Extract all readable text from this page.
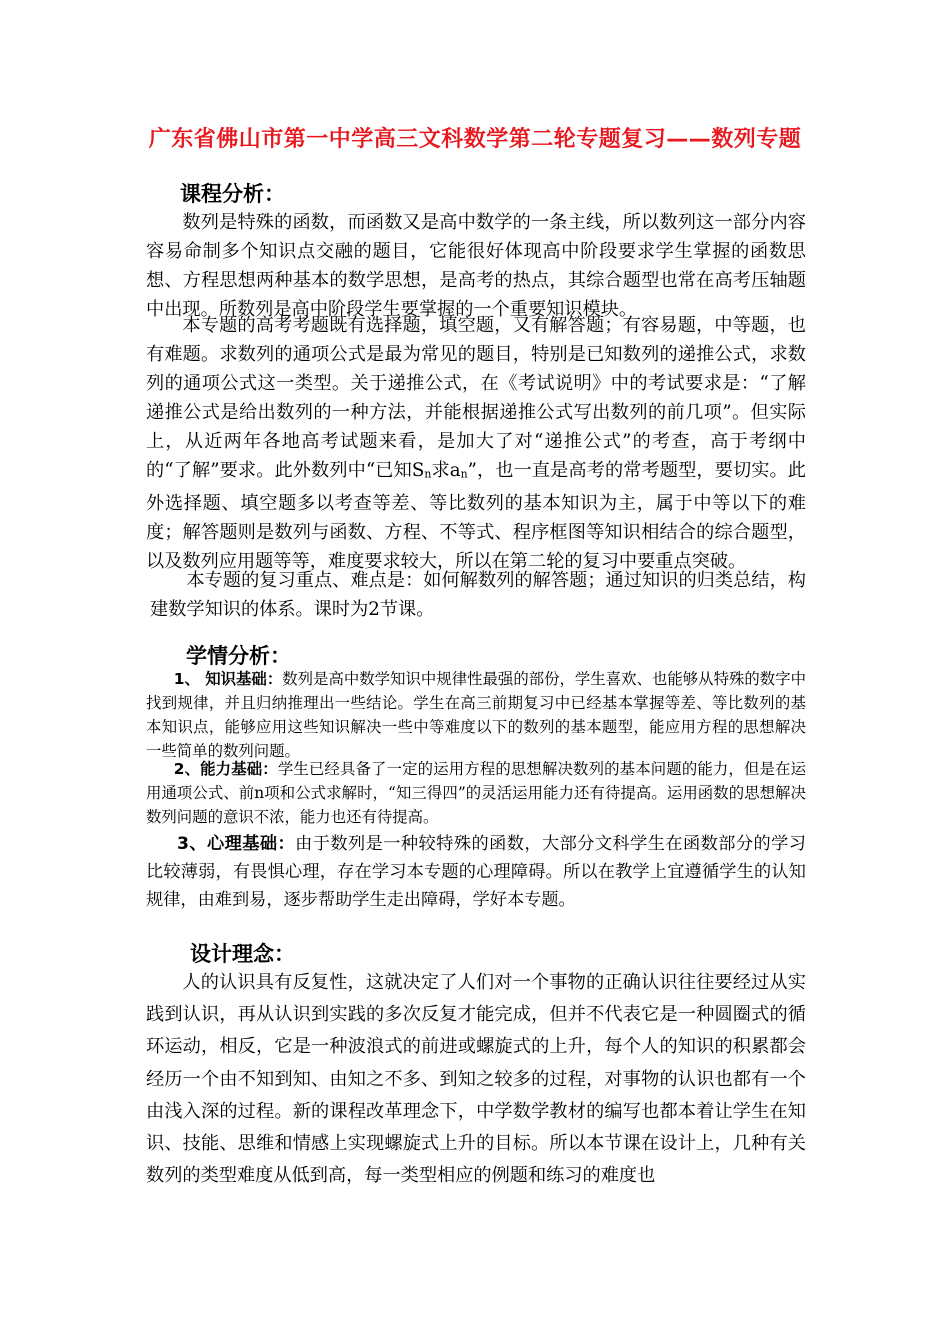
广东省佛山市第一中学高三文科数学第二轮专题复习——数列专题
课程分析：
数列是特殊的函数，而函数又是高中数学的一条主线，所以数列这一部分内容容易命制多个知识点交融的题目，它能很好体现高中阶段要求学生掌握的函数思想、方程思想两种基本的数学思想，是高考的热点，其综合题型也常在高考压轴题中出现。所数列是高中阶段学生要掌握的一个重要知识模块。
本专题的高考考题既有选择题，填空题，又有解答题；有容易题，中等题，也有难题。求数列的通项公式是最为常见的题目，特别是已知数列的递推公式，求数列的通项公式这一类型。关于递推公式，在《考试说明》中的考试要求是：“了解递推公式是给出数列的一种方法，并能根据递推公式写出数列的前几项”。但实际上，从近两年各地高考试题来看，是加大了对“递推公式”的考查，高于考纲中的“了解”要求。此外数列中“已知Sn求an”，也一直是高考的常考题型，要切实。此外选择题、填空题多以考查等差、等比数列的基本知识为主，属于中等以下的难度；解答题则是数列与函数、方程、不等式、程序框图等知识相结合的综合题型，以及数列应用题等等，难度要求较大，所以在第二轮的复习中要重点突破。
本专题的复习重点、难点是：如何解数列的解答题；通过知识的归类总结，构建数学知识的体系。课时为2节课。
学情分析：
1、 知识基础：数列是高中数学知识中规律性最强的部份，学生喜欢、也能够从特殊的数字中找到规律，并且归纳推理出一些结论。学生在高三前期复习中已经基本掌握等差、等比数列的基本知识点，能够应用这些知识解决一些中等难度以下的数列的基本题型，能应用方程的思想解决一些简单的数列问题。
2、能力基础：学生已经具备了一定的运用方程的思想解决数列的基本问题的能力，但是在运用通项公式、前n项和公式求解时，“知三得四”的灵活运用能力还有待提高。运用函数的思想解决数列问题的意识不浓，能力也还有待提高。
3、心理基础：由于数列是一种较特殊的函数，大部分文科学生在函数部分的学习比较薄弱，有畏惧心理，存在学习本专题的心理障碍。所以在教学上宜遵循学生的认知规律，由难到易，逐步帮助学生走出障碍，学好本专题。
设计理念：
人的认识具有反复性，这就决定了人们对一个事物的正确认识往往要经过从实践到认识，再从认识到实践的多次反复才能完成，但并不代表它是一种圆圈式的循环运动，相反，它是一种波浪式的前进或螺旋式的上升，每个人的知识的积累都会经历一个由不知到知、由知之不多、到知之较多的过程，对事物的认识也都有一个由浅入深的过程。新的课程改革理念下，中学数学教材的编写也都本着让学生在知识、技能、思维和情感上实现螺旋式上升的目标。所以本节课在设计上，几种有关数列的类型难度从低到高，每一类型相应的例题和练习的难度也
